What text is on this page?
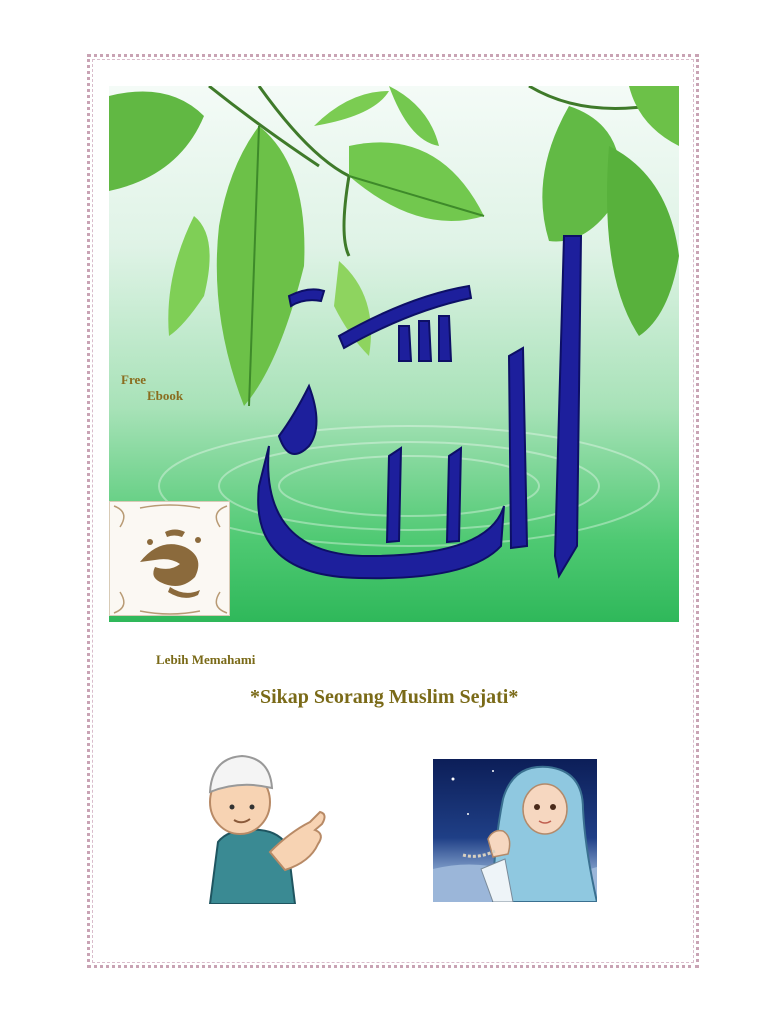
Free
Ebook
Lebih Memahami
*Sikap Seorang Muslim Sejati*
